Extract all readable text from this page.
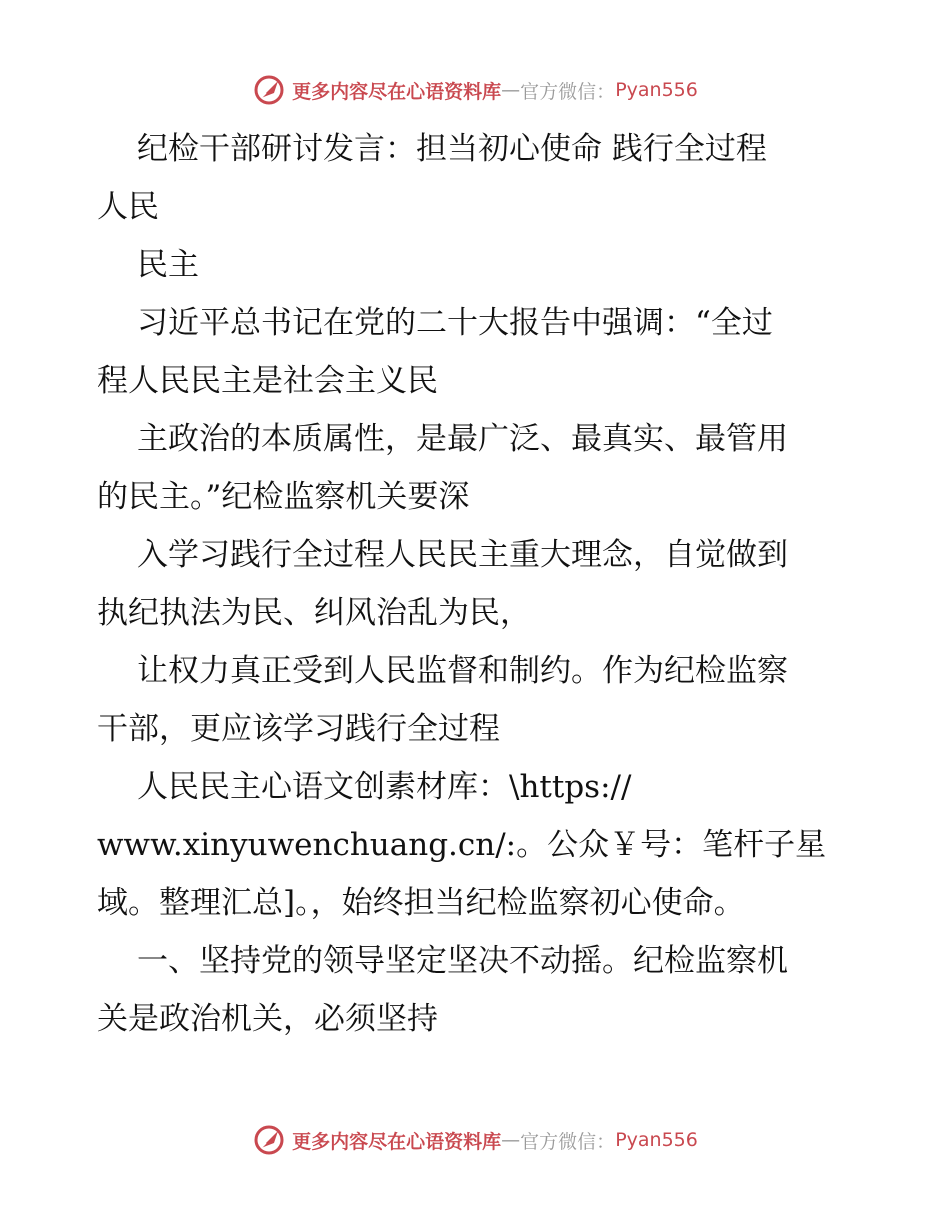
更多内容尽在心语资料库 — 官方微信： Pyan556
纪检干部研讨发言：担当初心使命 践行全过程
人民
民主
习近平总书记在党的二十大报告中强调：“全过
程人民民主是社会主义民
主政治的本质属性，是最广泛、最真实、最管用
的民主。”纪检监察机关要深
入学习践行全过程人民民主重大理念，自觉做到
执纪执法为民、纠风治乱为民，
让权力真正受到人民监督和制约。作为纪检监察
干部，更应该学习践行全过程
人民民主心语文创素材库：\https://
www.xinyuwenchuang.cn/:。公众￥号：笔杆子星
域。整理汇总]。，始终担当纪检监察初心使命。
一、坚持党的领导坚定坚决不动摇。纪检监察机
关是政治机关，必须坚持
更多内容尽在心语资料库 — 官方微信： Pyan556
